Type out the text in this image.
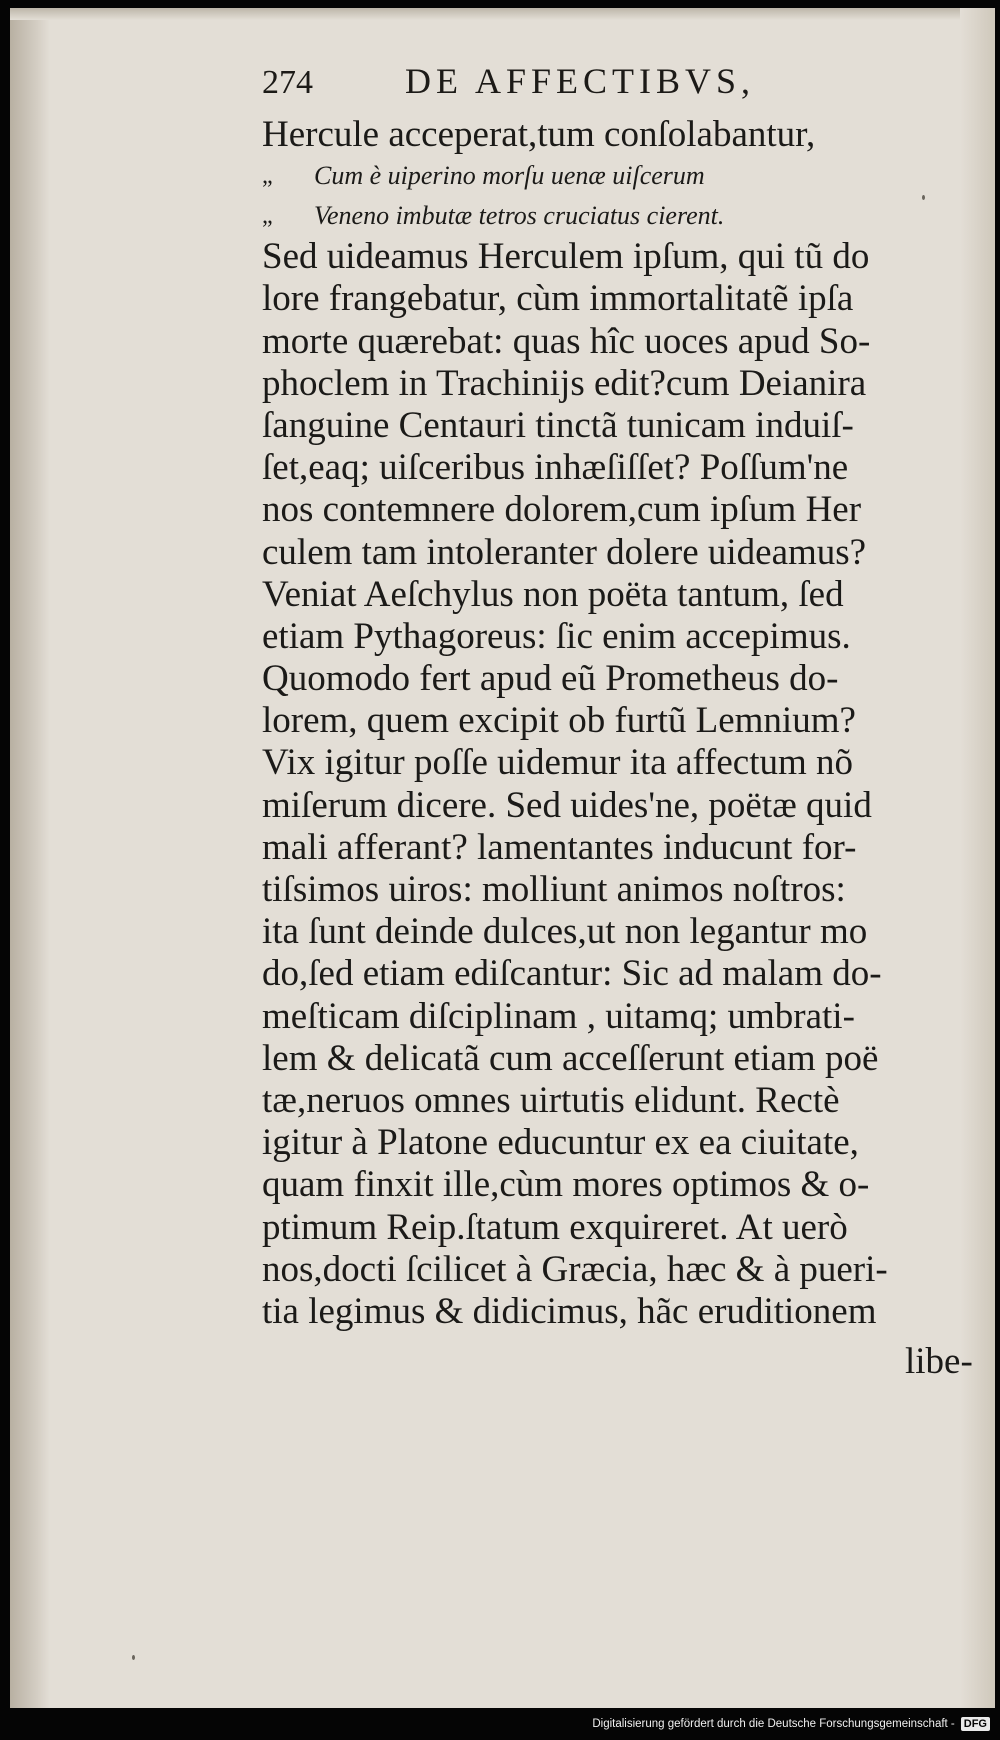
274	DE AFFECTIBVS,
Hercule acceperat,tum conſolabantur,
„ Cum è uiperino morſu uenæ uiſcerum
„ Veneno imbutæ tetros cruciatus cierent.
Sed uideamus Herculem ipſum, qui tũ do
lore frangebatur, cùm immortalitatẽ ipſa
morte quærebat: quas hîc uoces apud So-
phoclem in Trachinijs edit?cum Deianira
ſanguine Centauri tinctã tunicam induiſ-
ſet,eaq; uiſceribus inhæſiſſet? Poſſum'ne
nos contemnere dolorem,cum ipſum Her
culem tam intoleranter dolere uideamus?
Veniat Aeſchylus non poëta tantum, ſed
etiam Pythagoreus: ſic enim accepimus.
Quomodo fert apud eũ Prometheus do-
lorem, quem excipit ob furtũ Lemnium?
Vix igitur poſſe uidemur ita affectum nõ
miſerum dicere. Sed uides'ne, poëtæ quid
mali afferant? lamentantes inducunt for-
tiſsimos uiros: molliunt animos noſtros:
ita ſunt deinde dulces,ut non legantur mo
do,ſed etiam ediſcantur: Sic ad malam do-
meſticam diſciplinam , uitamq; umbrati-
lem & delicatã cum acceſſerunt etiam poë
tæ,neruos omnes uirtutis elidunt. Rectè
igitur à Platone educuntur ex ea ciuitate,
quam finxit ille,cùm mores optimos & o-
ptimum Reip.ſtatum exquireret. At uerò
nos,docti ſcilicet à Græcia, hæc & à pueri-
tia legimus & didicimus, hãc eruditionem
libe-
Digitalisierung gefördert durch die Deutsche Forschungsgemeinschaft - DFG
